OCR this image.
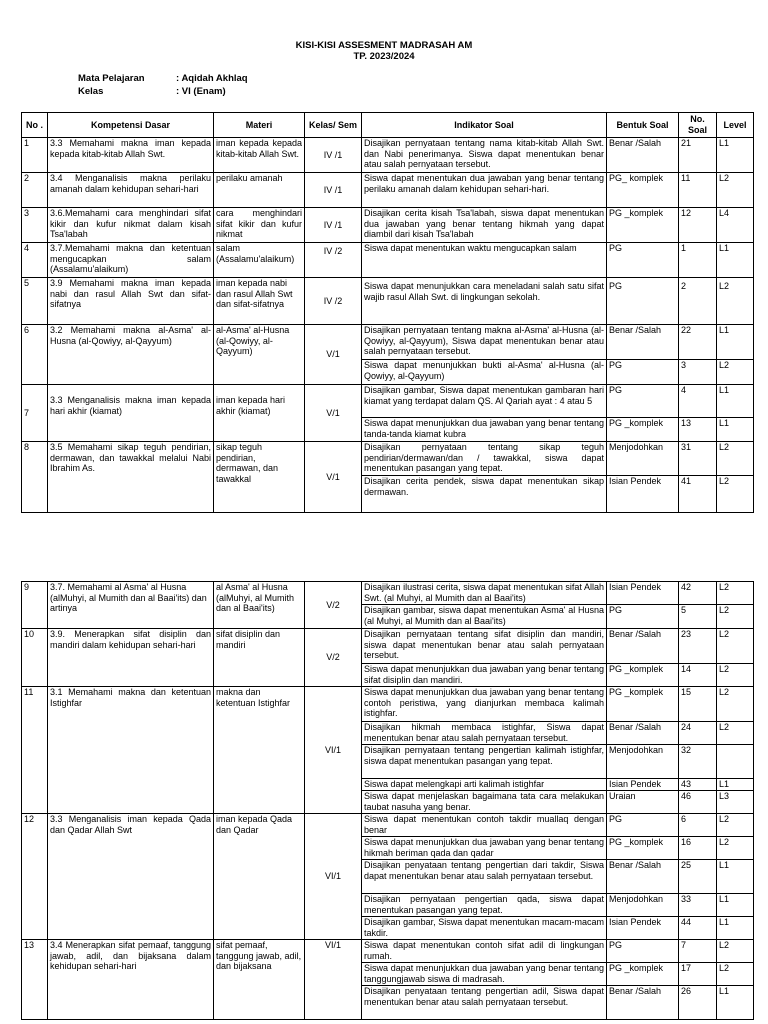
KISI-KISI ASSESMENT MADRASAH AM
TP. 2023/2024
Mata Pelajaran	: Aqidah Akhlaq
Kelas	: VI (Enam)
No .	Kompetensi Dasar	Materi	Kelas/ Sem	Indikator Soal	Bentuk Soal	No. Soal	Level
1	3.3 Memahami makna iman kepada kepada kitab-kitab Allah Swt.	iman kepada kepada kitab-kitab Allah Swt.	IV /1	Disajikan pernyataan tentang nama kitab-kitab Allah Swt. dan Nabi penerimanya. Siswa dapat menentukan benar atau salah pernyataan tersebut.	Benar /Salah	21	L1
2	3.4 Menganalisis makna perilaku amanah dalam kehidupan sehari-hari	perilaku amanah	IV /1	Siswa dapat menentukan dua jawaban yang benar tentang perilaku amanah dalam kehidupan sehari-hari.	PG_ komplek	11	L2
3	3.6.Memahami cara menghindari sifat kikir dan kufur nikmat dalam kisah Tsa'labah	cara menghindari sifat kikir dan kufur nikmat	IV /1	Disajikan cerita kisah Tsa'labah, siswa dapat menentukan dua jawaban yang benar tentang hikmah yang dapat diambil dari kisah Tsa'labah	PG _komplek	12	L4
4	3.7.Memahami makna dan ketentuan mengucapkan salam (Assalamu'alaikum)	salam (Assalamu'alaikum)	IV /2	Siswa dapat menentukan waktu mengucapkan salam	PG	1	L1
5	3.9 Memahami makna iman kepada nabi dan rasul Allah Swt dan sifat-sifatnya	iman kepada nabi dan rasul Allah Swt dan sifat-sifatnya	IV /2	Siswa dapat menunjukkan cara meneladani salah satu sifat wajib rasul Allah Swt. di lingkungan sekolah.	PG	2	L2
6	3.2 Memahami makna al-Asma' al-Husna (al-Qowiyy, al-Qayyum)	al-Asma' al-Husna (al-Qowiyy, al-Qayyum)	V/1	Disajikan pernyataan tentang makna al-Asma' al-Husna (al-Qowiyy, al-Qayyum), Siswa dapat menentukan benar atau salah pernyataan tersebut.	Benar /Salah	22	L1
				Siswa dapat menunjukkan bukti al-Asma' al-Husna (al-Qowiyy, al-Qayyum)	PG	3	L2
7	3.3 Menganalisis makna iman kepada hari akhir (kiamat)	iman kepada hari akhir (kiamat)	V/1	Disajikan gambar, Siswa dapat menentukan gambaran hari kiamat yang terdapat dalam QS. Al Qariah ayat : 4 atau 5	PG	4	L1
				Siswa dapat menunjukkan dua jawaban yang benar tentang tanda-tanda kiamat kubra	PG _komplek	13	L1
8	3.5 Memahami sikap teguh pendirian, dermawan, dan tawakkal melalui Nabi Ibrahim As.	sikap teguh pendirian, dermawan, dan tawakkal	V/1	Disajikan pernyataan tentang sikap teguh pendirian/dermawan/dan / tawakkal, siswa dapat menentukan pasangan yang tepat.	Menjodohkan	31	L2
				Disajikan cerita pendek, siswa dapat menentukan sikap dermawan.	Isian Pendek	41	L2
9	3.7. Memahami al Asma' al Husna (alMuhyi, al Mumith dan al Baai'its) dan artinya	al Asma' al Husna (alMuhyi, al Mumith dan al Baai'its)	V/2	Disajikan ilustrasi cerita, siswa dapat menentukan sifat Allah Swt. (al Muhyi, al Mumith dan al Baai'its)	Isian Pendek	42	L2
				Disajikan gambar, siswa dapat menentukan Asma' al Husna (al Muhyi, al Mumith dan al Baai'its)	PG	5	L2
10	3.9. Menerapkan sifat disiplin dan mandiri dalam kehidupan sehari-hari	sifat disiplin dan mandiri	V/2	Disajikan pernyataan tentang sifat disiplin dan mandiri, siswa dapat menentukan benar atau salah pernyataan tersebut.	Benar /Salah	23	L2
				Siswa dapat menunjukkan dua jawaban yang benar tentang sifat disiplin dan mandiri.	PG _komplek	14	L2
11	3.1 Memahami makna dan ketentuan Istighfar	makna dan ketentuan Istighfar	VI/1	Siswa dapat menunjukkan dua jawaban yang benar tentang contoh peristiwa, yang dianjurkan membaca kalimah istighfar.	PG _komplek	15	L2
				Disajikan hikmah membaca istighfar, Siswa dapat menentukan benar atau salah pernyataan tersebut.	Benar /Salah	24	L2
				Disajikan pernyataan tentang pengertian kalimah istighfar, siswa dapat menentukan pasangan yang tepat.	Menjodohkan	32	
				Siswa dapat melengkapi arti kalimah istighfar	Isian Pendek	43	L1
				Siswa dapat menjelaskan bagaimana tata cara melakukan taubat nasuha yang benar.	Uraian	46	L3
12	3.3 Menganalisis iman kepada Qada dan Qadar Allah Swt	iman kepada Qada dan Qadar	VI/1	Siswa dapat menentukan contoh takdir muallaq dengan benar	PG	6	L2
				Siswa dapat menunjukkan dua jawaban yang benar tentang hikmah beriman qada dan qadar	PG _komplek	16	L2
				Disajikan penyataan tentang pengertian dari takdir, Siswa dapat menentukan benar atau salah pernyataan tersebut.	Benar /Salah	25	L1
				Disajikan pernyataan pengertian qada, siswa dapat menentukan pasangan yang tepat.	Menjodohkan	33	L1
				Disajikan gambar, Siswa dapat menentukan macam-macam takdir.	Isian Pendek	44	L1
13	3.4 Menerapkan sifat pemaaf, tanggung jawab, adil, dan bijaksana dalam kehidupan sehari-hari	sifat pemaaf, tanggung jawab, adil, dan bijaksana	VI/1	Siswa dapat menentukan contoh sifat adil di lingkungan rumah.	PG	7	L2
				Siswa dapat menunjukkan dua jawaban yang benar tentang tanggungjawab siswa di madrasah.	PG _komplek	17	L2
				Disajikan penyataan tentang pengertian adil, Siswa dapat menentukan benar atau salah pernyataan tersebut.	Benar /Salah	26	L1
